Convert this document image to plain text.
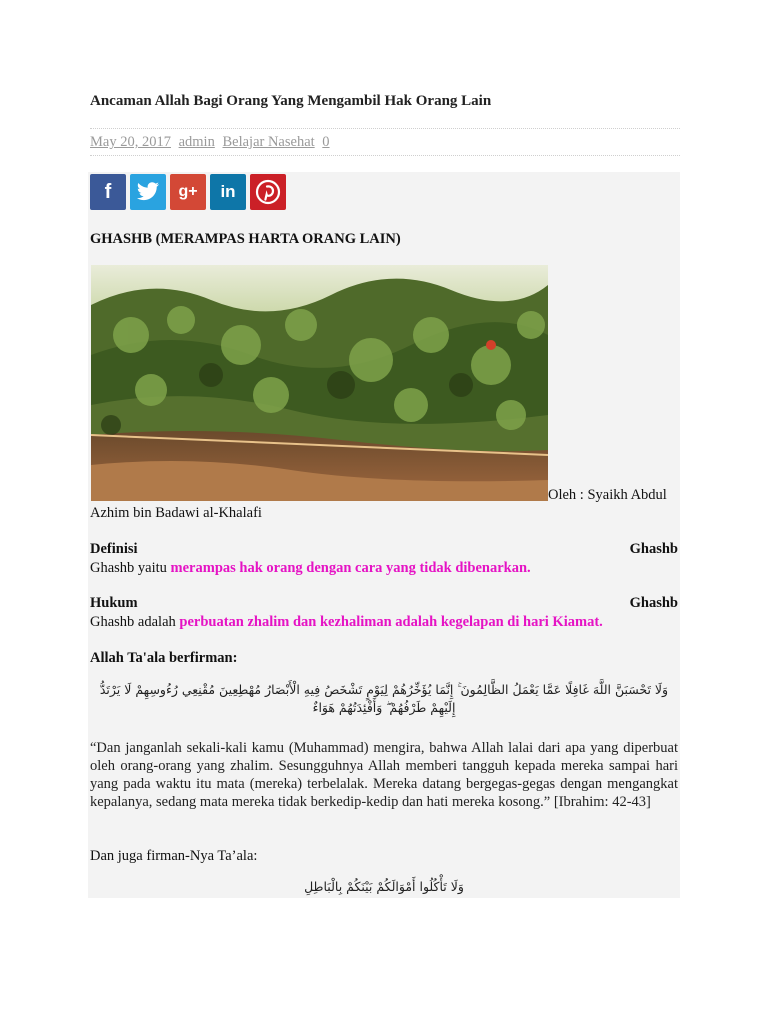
Ancaman Allah Bagi Orang Yang Mengambil Hak Orang Lain
May 20, 2017 admin Belajar Nasehat 0
f	g+ in
GHASHB (MERAMPAS HARTA ORANG LAIN)
Oleh : Syaikh Abdul
Azhim bin Badawi al-Khalafi
Definisi	Ghashb
Ghashb yaitu merampas hak orang dengan cara yang tidak dibenarkan.
Hukum	Ghashb
Ghashb adalah perbuatan zhalim dan kezhaliman adalah kegelapan di hari Kiamat.
Allah Ta'ala berfirman:
وَلَا تَحْسَبَنَّ اللَّهَ غَافِلًا عَمَّا يَعْمَلُ الظَّالِمُونَ ۚ إِنَّمَا يُؤَخِّرُهُمْ لِيَوْمٍ تَشْخَصُ فِيهِ الْأَبْصَارُ مُهْطِعِينَ مُقْنِعِي رُءُوسِهِمْ لَا يَرْتَدُّ إِلَيْهِمْ طَرْفُهُمْ ۖ وَأَفْئِدَتُهُمْ هَوَاءٌ
“Dan janganlah sekali-kali kamu (Muhammad) mengira, bahwa Allah lalai dari apa yang diperbuat oleh orang-orang yang zhalim. Sesungguhnya Allah memberi tangguh kepada mereka sampai hari yang pada waktu itu mata (mereka) terbelalak. Mereka datang bergegas-gegas dengan mengangkat kepalanya, sedang mata mereka tidak berkedip-kedip dan hati mereka kosong.” [Ibrahim: 42-43]
Dan juga firman-Nya Ta’ala:
وَلَا تَأْكُلُوا أَمْوَالَكُمْ بَيْنَكُمْ بِالْبَاطِلِ
